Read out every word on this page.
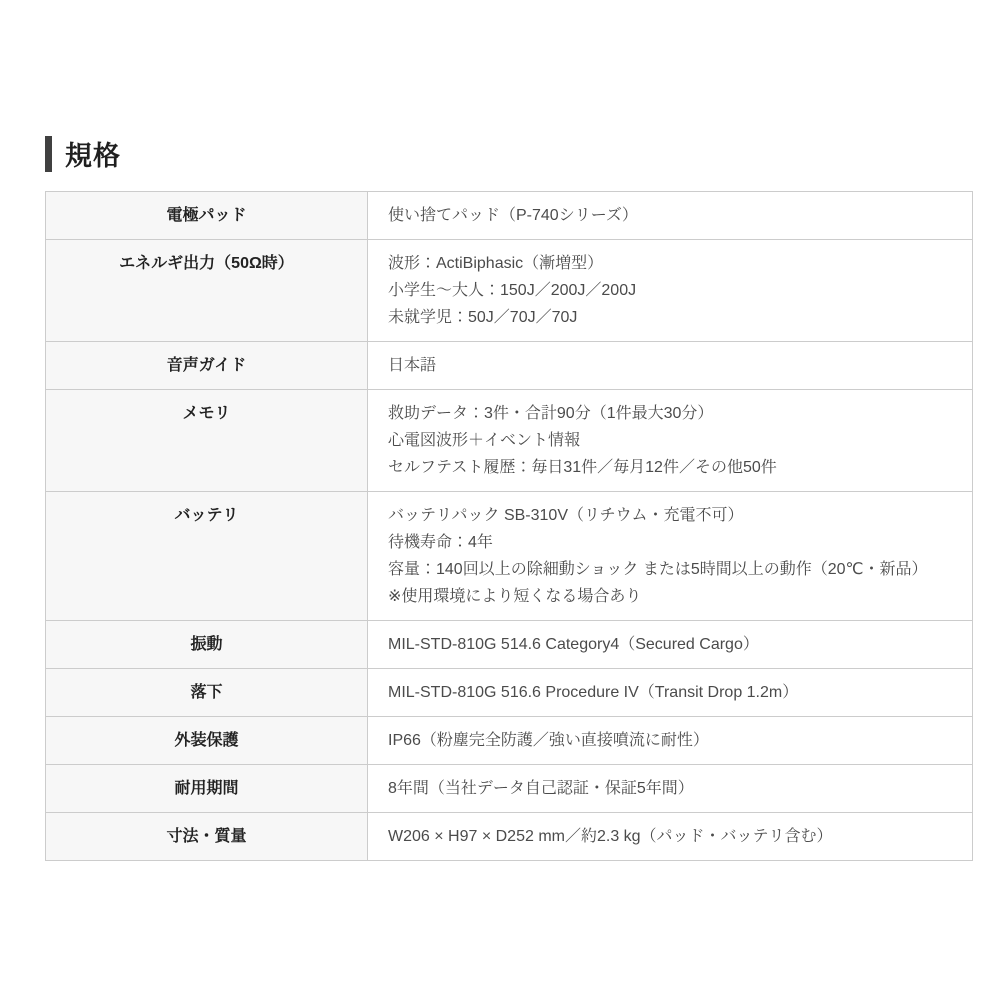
規格
電極パッド	使い捨てパッド（P-740シリーズ）

エネルギ出力（50Ω時）	波形：ActiBiphasic（漸増型）
小学生～大人：150J／200J／200J
未就学児：50J／70J／70J

音声ガイド	日本語

メモリ	救助データ：3件・合計90分（1件最大30分）
心電図波形＋イベント情報
セルフテスト履歴：毎日31件／毎月12件／その他50件

バッテリ	バッテリパック SB-310V（リチウム・充電不可）
待機寿命：4年
容量：140回以上の除細動ショック または5時間以上の動作（20℃・新品）
※使用環境により短くなる場合あり

振動	MIL-STD-810G 514.6 Category4（Secured Cargo）

落下	MIL-STD-810G 516.6 Procedure IV（Transit Drop 1.2m）

外装保護	IP66（粉塵完全防護／強い直接噴流に耐性）

耐用期間	8年間（当社データ自己認証・保証5年間）

寸法・質量	W206 × H97 × D252 mm／約2.3 kg（パッド・バッテリ含む）
